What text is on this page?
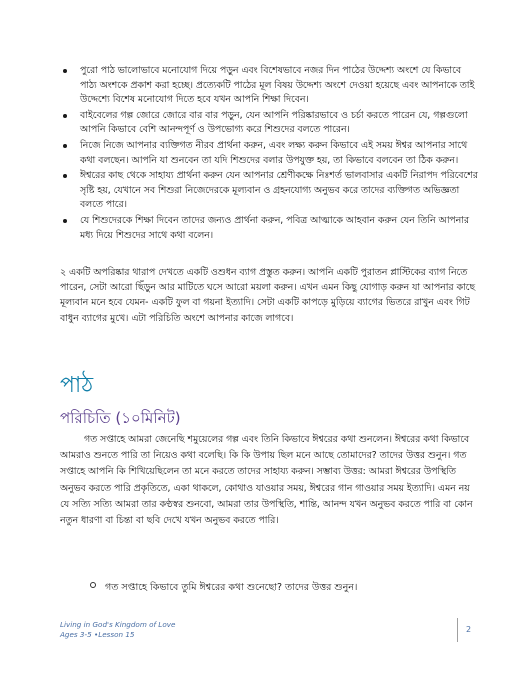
পুরো পাঠ ভালোভাবে মনোযোগ দিয়ে পড়ুন এবং বিশেষভাবে নজর দিন পাঠের উদ্দেশ্য অংশে যে কিভাবে পাঠ্য অংশকে প্রকাশ করা হচ্ছে। প্রত্যেকটি পাঠের মূল বিষয় উদ্দেশ্য অংশে দেওয়া হয়েছে এবং আপনাকে তাই উদ্দেশ্যে বিশেষ মনোযোগ দিতে হবে যখন আপনি শিক্ষা দিবেন।
বাইবেলের গল্প জোরে জোরে বার বার পড়ুন, যেন আপনি পরিষ্কারভাবে ও চর্চা করতে পারেন যে, গল্পগুলো আপনি কিভাবে বেশি আনন্দপূর্ণ ও উপভোগ্য করে শিশুদের বলতে পারেন।
নিজে নিজে আপনার ব্যক্তিগত নীরব প্রার্থনা করুন, এবং লক্ষ্য করুন কিভাবে এই সময় ঈশ্বর আপনার সাথে কথা বলছেন। আপনি যা শুনবেন তা যদি শিশুদের বলার উপযুক্ত হয়, তা কিভাবে বলবেন তা ঠিক করুন।
ঈশ্বরের কাছ থেকে সাহায্য প্রার্থনা করুন যেন আপনার শ্রেণীকক্ষে নিঃশর্ত ভালবাসার একটি নিরাপদ পরিবেশের সৃষ্টি হয়, যেখানে সব শিশুরা নিজেদেরকে মূল্যবান ও গ্রহনযোগ্য অনুভব করে তাদের ব্যক্তিগত অভিজ্ঞতা বলতে পারে।
যে শিশুদেরকে শিক্ষা দিবেন তাদের জন্যও প্রার্থনা করুন, পবিত্র আত্মাকে আহবান করুন যেন তিনি আপনার মধ্য দিয়ে শিশুদের সাথে কথা বলেন।

২ একটি অপরিষ্কার থারাপ দেখতে একটি ওশুধন ব্যাগ প্রস্তুত করুন। আপনি একটি পুরাতন প্লাস্টিকের ব্যাগ নিতে পারেন, সেটা আরো ছিঁড়ুন আর মাটিতে ঘসে আরো ময়লা করুন। এখন এমন কিছু যোগাড় করুন যা আপনার কাছে মূল্যবান মনে হবে যেমন- একটি ফুল বা গয়না ইত্যাদি। সেটা একটি কাপড়ে মুড়িয়ে ব্যাগের ভিতরে রাখুন এবং গিট বাধুন ব্যাগের মুখে। এটা পরিচিতি অংশে আপনার কাজে লাগবে।

পাঠ
পরিচিতি (১০মিনিট)

গত সপ্তাহে আমরা জেনেছি শমুয়েলের গল্প এবং তিনি কিভাবে ঈশ্বরের কথা শুনলেন। ঈশ্বরের কথা কিভাবে আমরাও শুনতে পারি তা নিয়েও কথা বলেছি। কি কি উপায় ছিল মনে আছে তোমাদের? তাদের উত্তর শুনুন। গত সপ্তাহে আপনি কি শিখিয়েছিলেন তা মনে করতে তাদের সাহায্য করুন। সম্ভাব্য উত্তর: আমরা ঈশ্বরের উপস্থিতি অনুভব করতে পারি প্রকৃতিতে, একা থাকলে, কোথাও যাওয়ার সময়, ঈশ্বরের গান গাওয়ার সময় ইত্যাদি। এমন নয় যে সত্যি সত্যি আমরা তার কণ্ঠস্বর শুনবো, আমরা তার উপস্থিতি, শান্তি, আনন্দ যখন অনুভব করতে পারি বা কোন নতুন ধারণা বা চিন্তা বা ছবি দেখে যখন অনুভব করতে পারি।

গত সপ্তাহে কিভাবে তুমি ঈশ্বরের কথা শুনেছো? তাদের উত্তর শুনুন।
Living in God's Kingdom of Love
Ages 3-5 •Lesson 15
2
